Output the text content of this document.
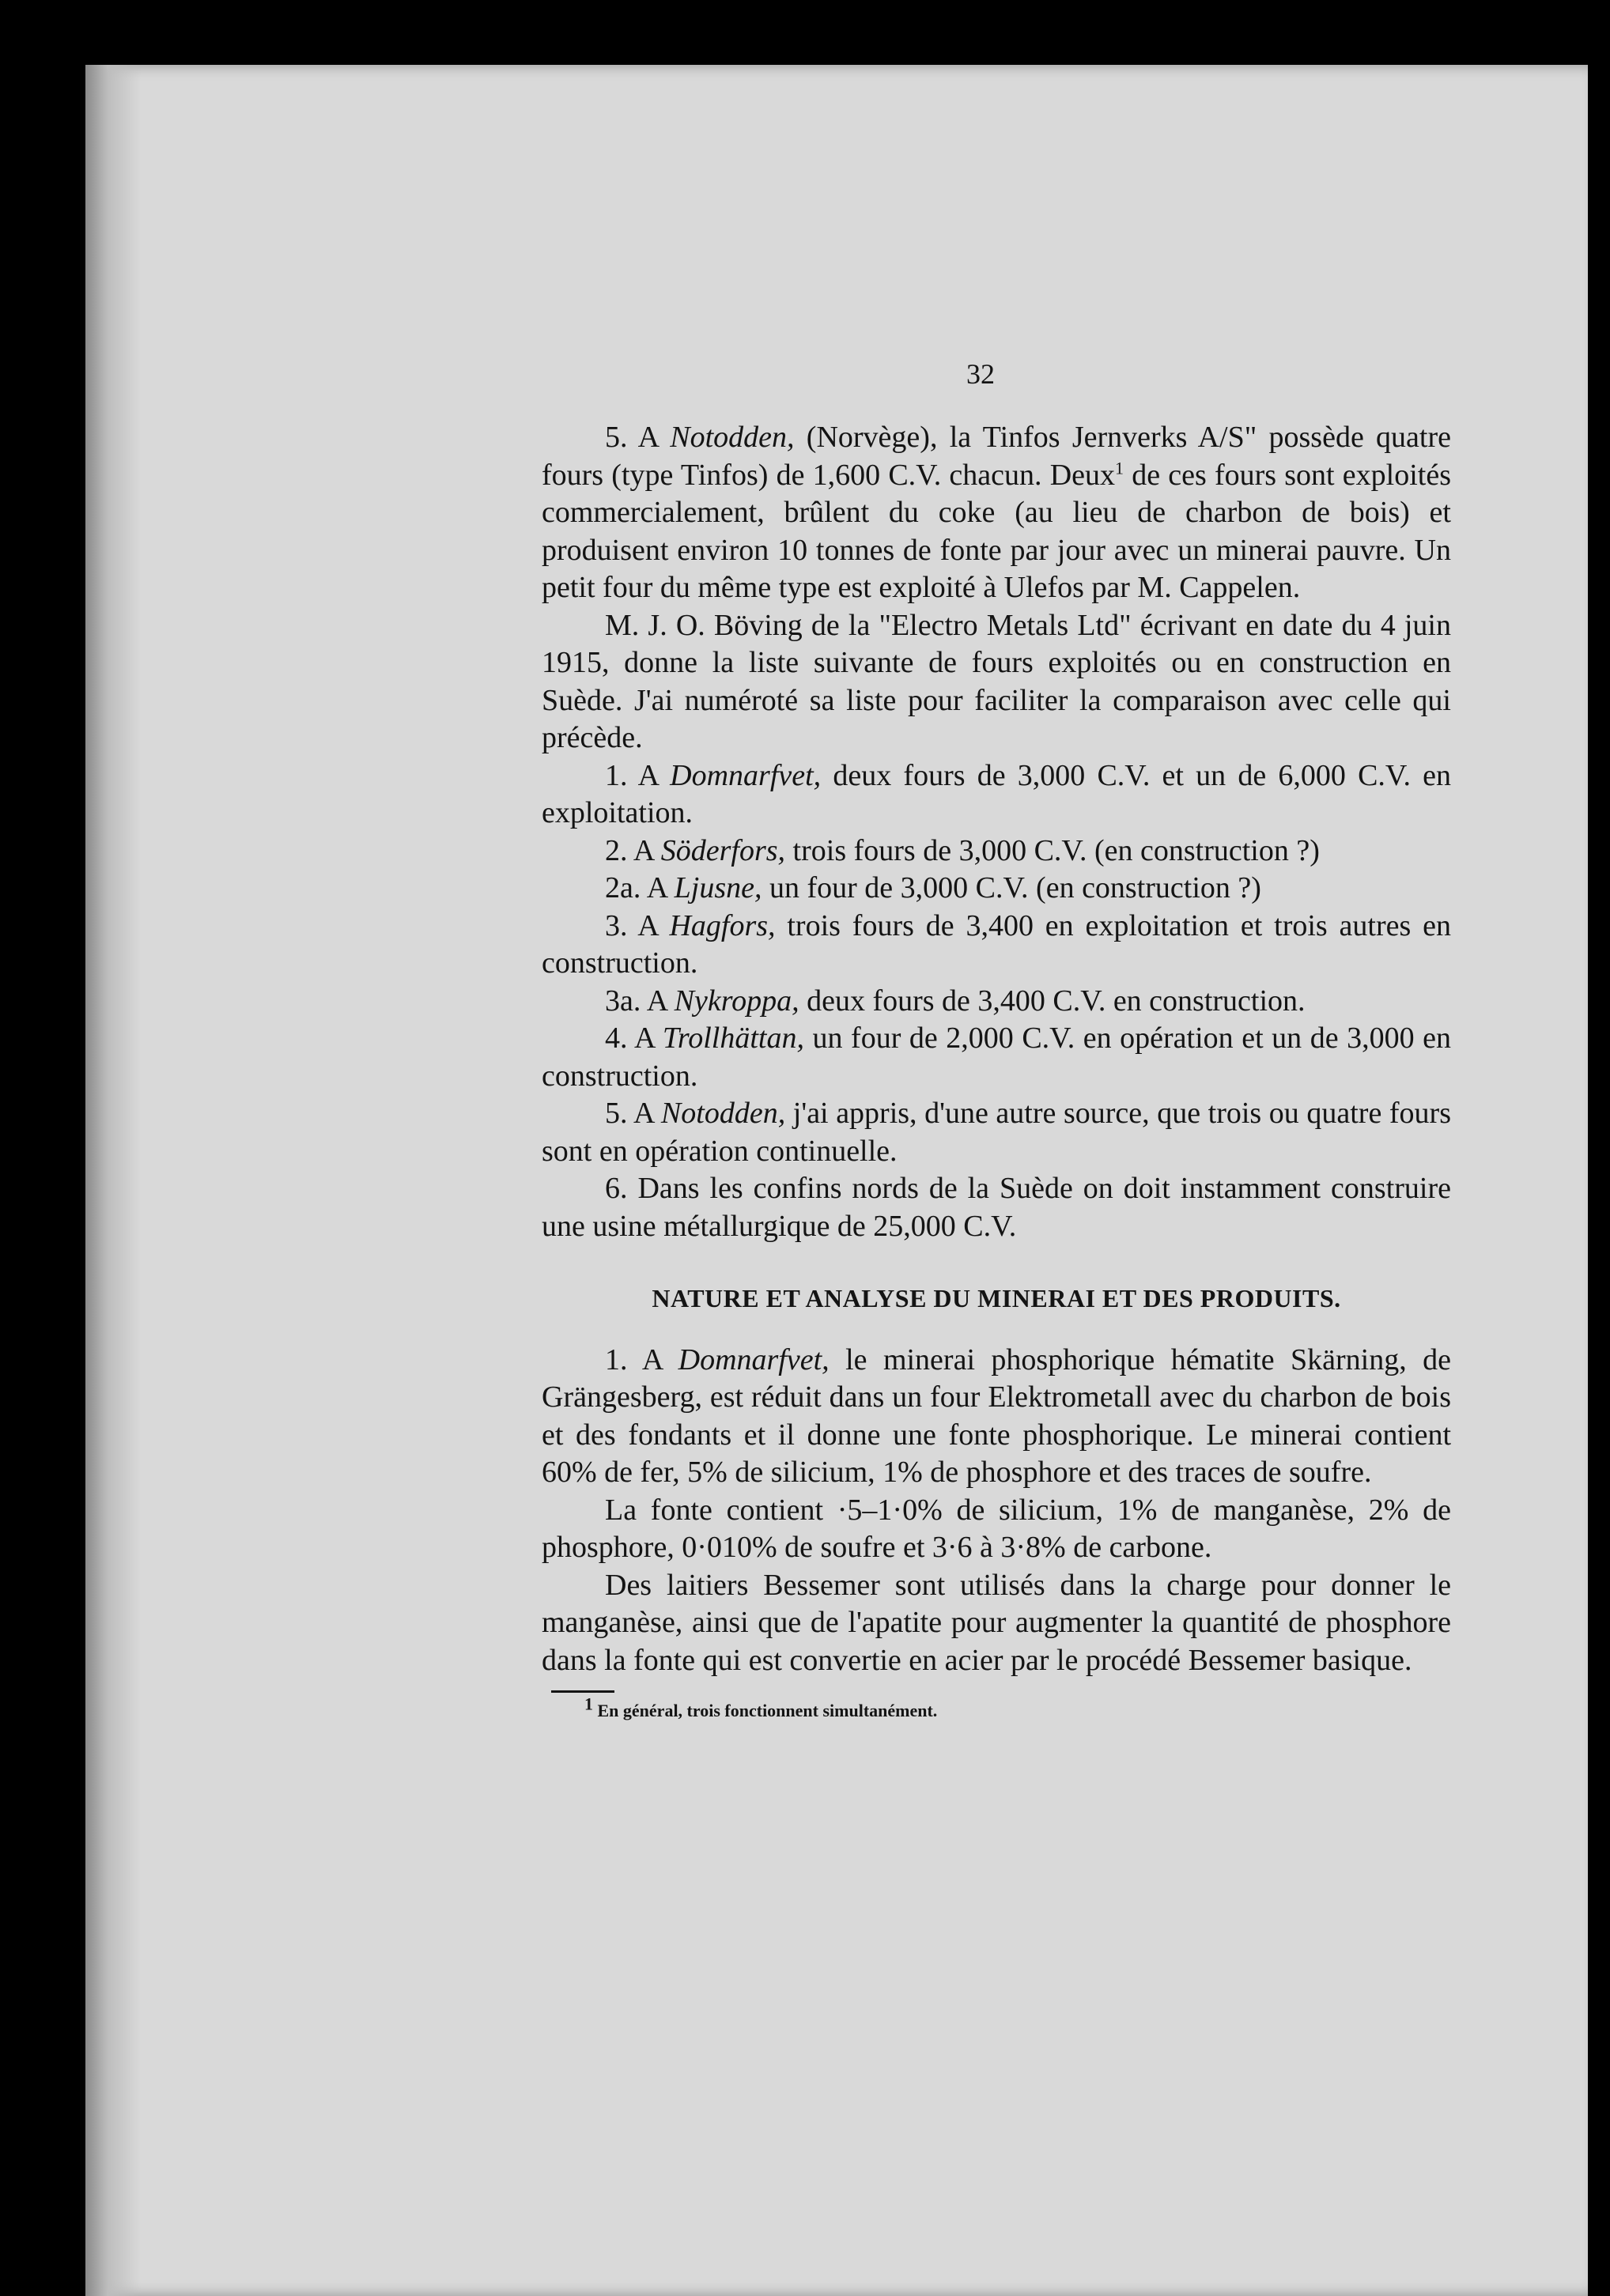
32

5. A Notodden, (Norvège), la Tinfos Jernverks A/S" possède quatre fours (type Tinfos) de 1,600 C.V. chacun. Deux$^1$ de ces fours sont exploités commercialement, brûlent du coke (au lieu de charbon de bois) et produisent environ 10 tonnes de fonte par jour avec un minerai pauvre. Un petit four du même type est exploité à Ulefos par M. Cappelen.

M. J. O. Böving de la "Electro Metals Ltd" écrivant en date du 4 juin 1915, donne la liste suivante de fours exploités ou en construction en Suède. J'ai numéroté sa liste pour faciliter la comparaison avec celle qui précède.

1. A Domnarfvet, deux fours de 3,000 C.V. et un de 6,000 C.V. en exploitation.

2. A Söderfors, trois fours de 3,000 C.V. (en construction ?)

2a. A Ljusne, un four de 3,000 C.V. (en construction ?)

3. A Hagfors, trois fours de 3,400 en exploitation et trois autres en construction.

3a. A Nykroppa, deux fours de 3,400 C.V. en construction.

4. A Trollhättan, un four de 2,000 C.V. en opération et un de 3,000 en construction.

5. A Notodden, j'ai appris, d'une autre source, que trois ou quatre fours sont en opération continuelle.

6. Dans les confins nords de la Suède on doit instamment construire une usine métallurgique de 25,000 C.V.

NATURE ET ANALYSE DU MINERAI ET DES PRODUITS.

1. A Domnarfvet, le minerai phosphorique hématite Skärning, de Grängesberg, est réduit dans un four Elektrometall avec du charbon de bois et des fondants et il donne une fonte phosphorique. Le minerai contient 60% de fer, 5% de silicium, 1% de phosphore et des traces de soufre.

La fonte contient ·5–1·0% de silicium, 1% de manganèse, 2% de phosphore, 0·010% de soufre et 3·6 à 3·8% de carbone.

Des laitiers Bessemer sont utilisés dans la charge pour donner le manganèse, ainsi que de l'apatite pour augmenter la quantité de phosphore dans la fonte qui est convertie en acier par le procédé Bessemer basique.

$^1$ En général, trois fonctionnent simultanément.
